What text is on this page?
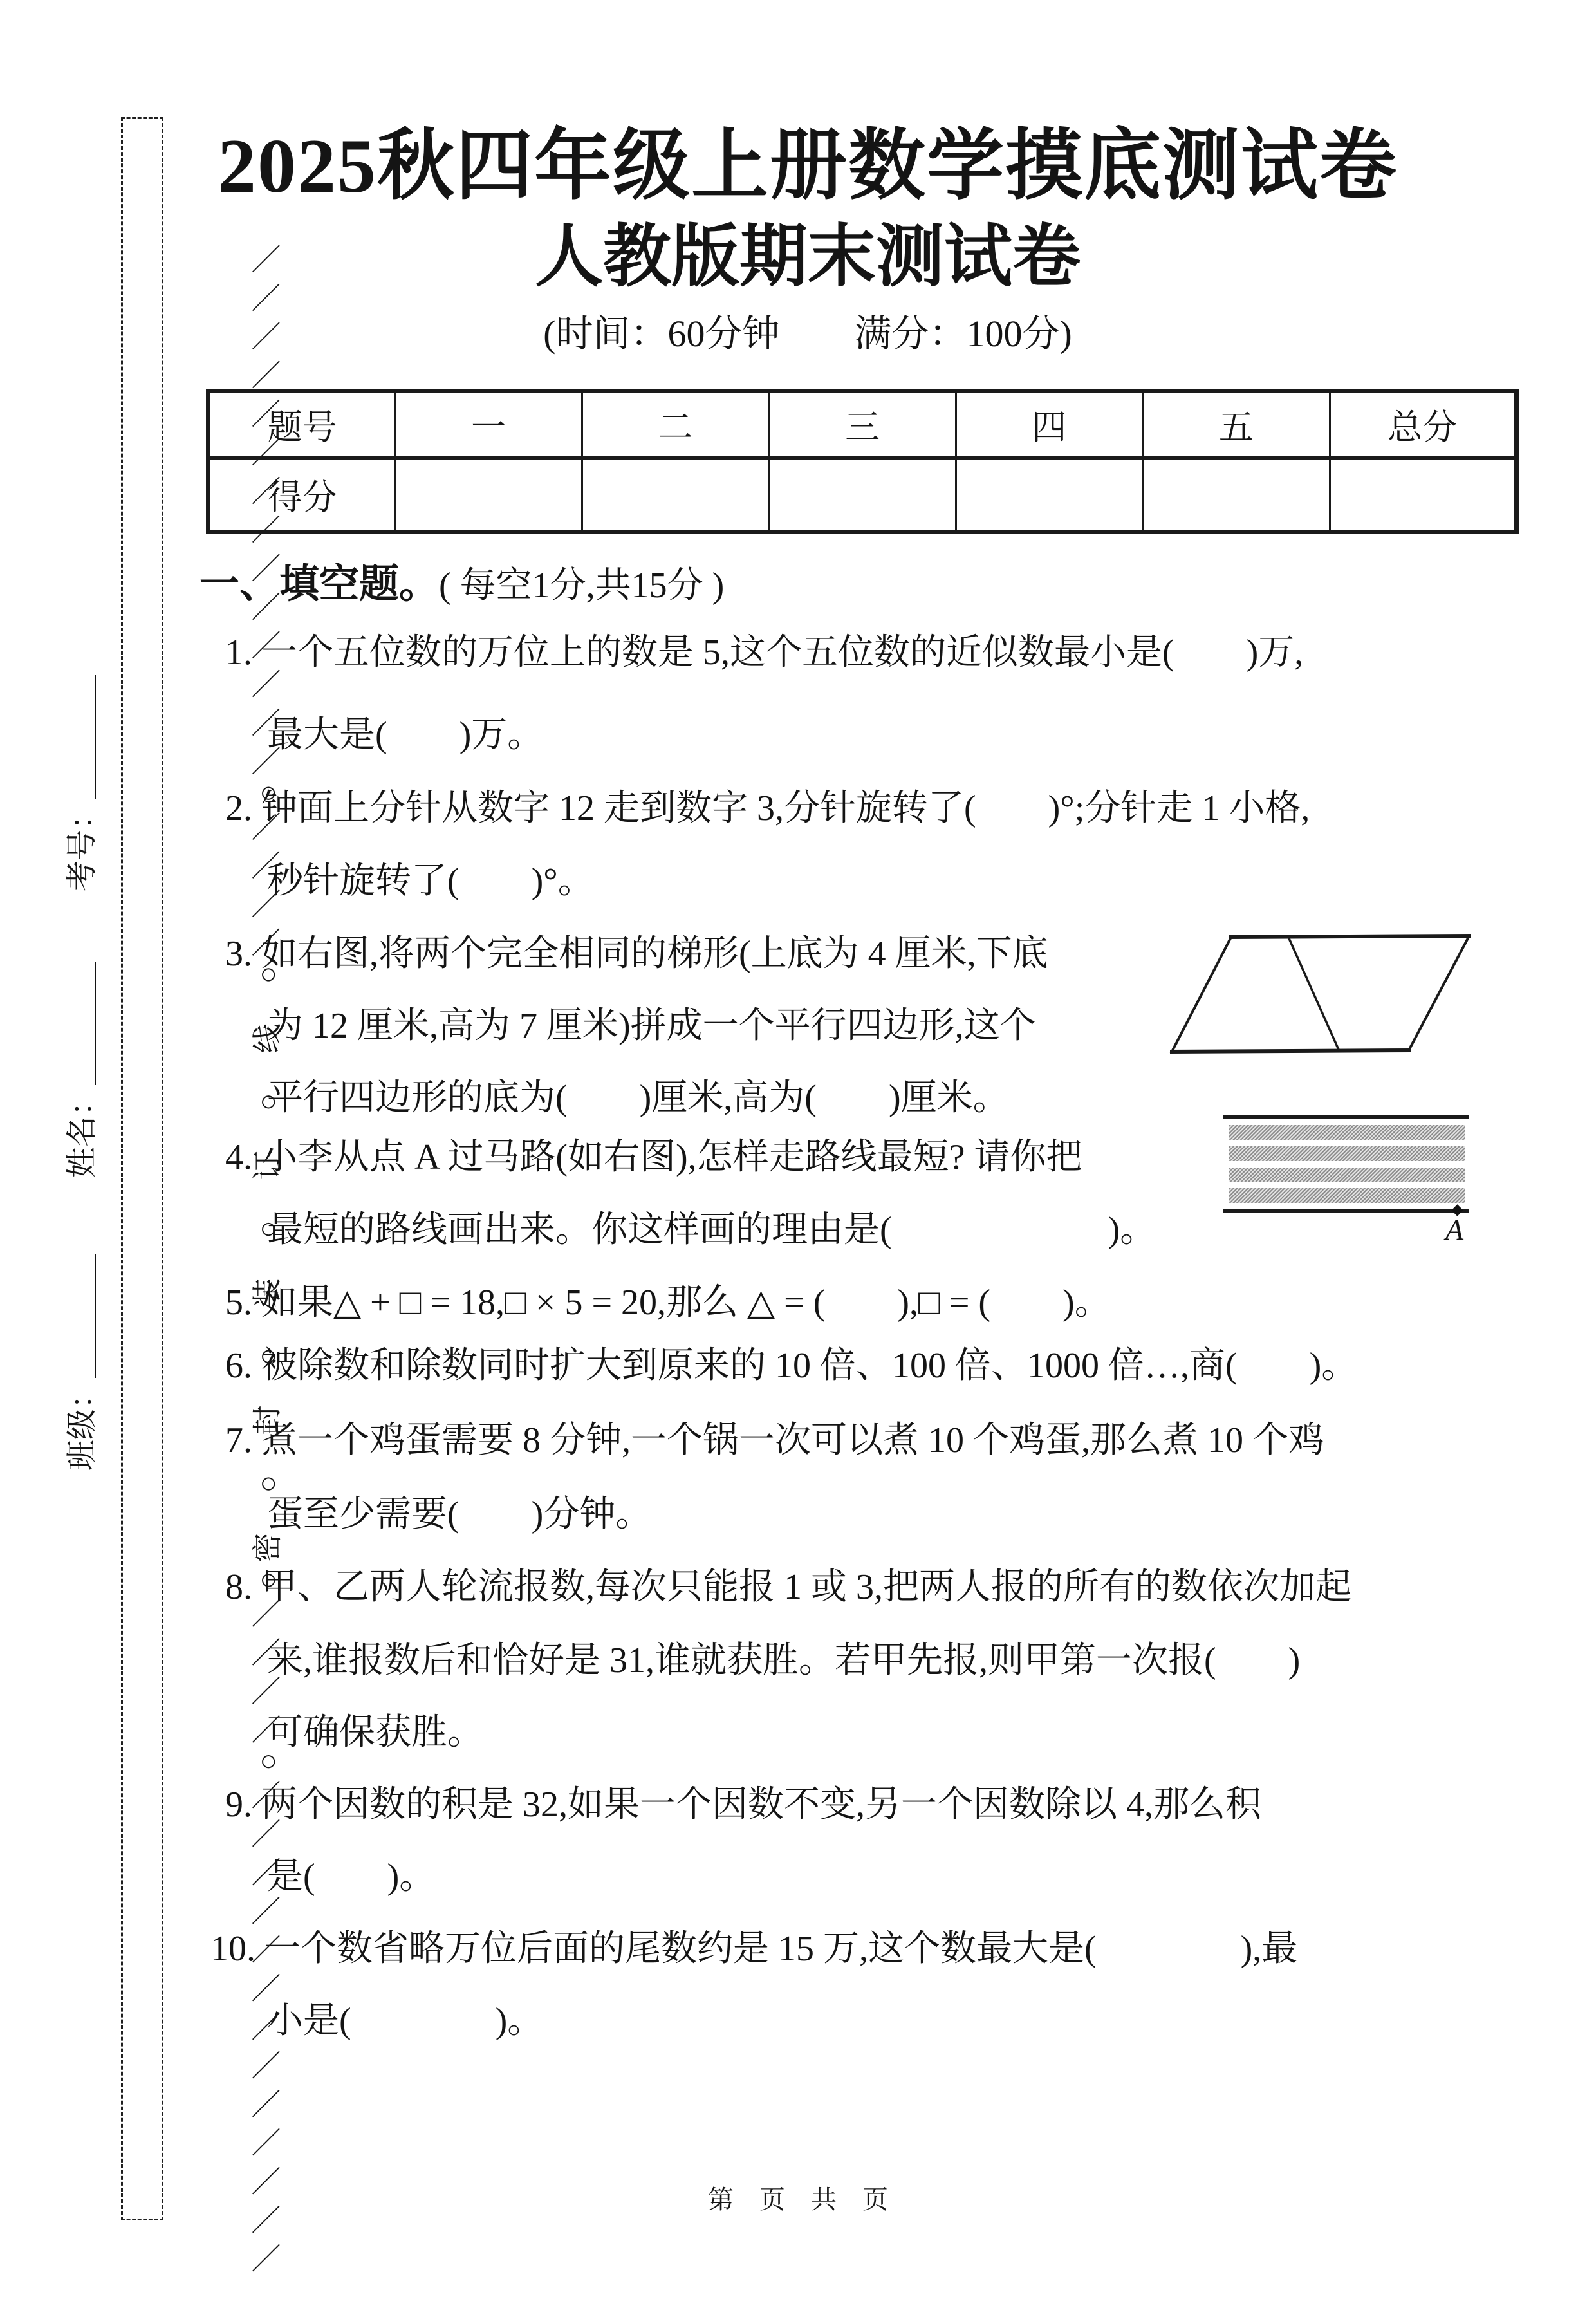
＼＼＼＼＼＼＼＼＼＼＼＼＼○＼＼＼＼○
密○封○装○订○线
○＼＼＼＼○＼＼＼＼＼＼＼＼＼＼＼＼＼＼
考号：＿＿＿＿
姓名：＿＿＿＿
班级：＿＿＿＿
2025秋四年级上册数学摸底测试卷
人教版期末测试卷
(时间：60分钟　　满分：100分)
题号	一	二	三	四	五	总分
得分						
一、填空题。( 每空1分,共15分 )
1. 一个五位数的万位上的数是 5,这个五位数的近似数最小是(　　)万,
最大是(　　)万。
2. 钟面上分针从数字 12 走到数字 3,分针旋转了(　　)°;分针走 1 小格,
秒针旋转了(　　)°。
3. 如右图,将两个完全相同的梯形(上底为 4 厘米,下底
为 12 厘米,高为 7 厘米)拼成一个平行四边形,这个
平行四边形的底为(　　)厘米,高为(　　)厘米。
4. 小李从点 A 过马路(如右图),怎样走路线最短? 请你把
最短的路线画出来。你这样画的理由是(　　　　　　)。
5. 如果△ + □ = 18,□ × 5 = 20,那么 △ = (　　),□ = (　　)。
6. 被除数和除数同时扩大到原来的 10 倍、100 倍、1000 倍…,商(　　)。
7. 煮一个鸡蛋需要 8 分钟,一个锅一次可以煮 10 个鸡蛋,那么煮 10 个鸡
蛋至少需要(　　)分钟。
8. 甲、乙两人轮流报数,每次只能报 1 或 3,把两人报的所有的数依次加起
来,谁报数后和恰好是 31,谁就获胜。若甲先报,则甲第一次报(　　)
可确保获胜。
9. 两个因数的积是 32,如果一个因数不变,另一个因数除以 4,那么积
是(　　)。
10. 一个数省略万位后面的尾数约是 15 万,这个数最大是(　　　　),最
小是(　　　　)。
A
第　页　共　页
